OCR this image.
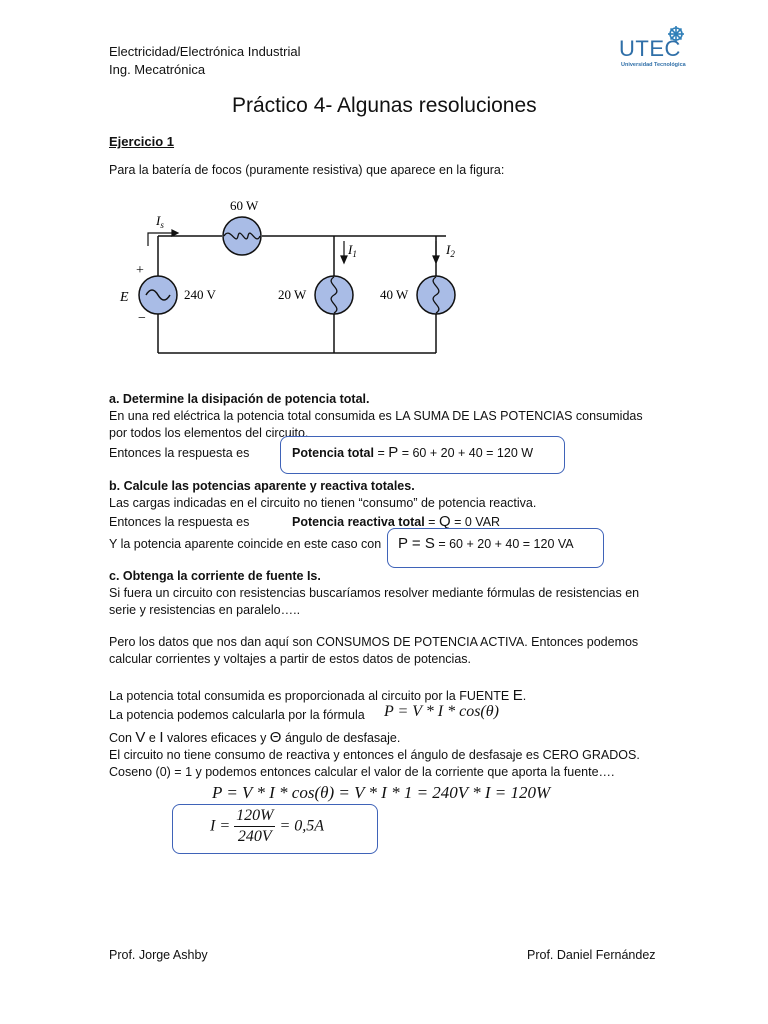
Electricidad/Electrónica Industrial
Ing. Mecatrónica
UTEC
Universidad Tecnológica
Práctico 4- Algunas resoluciones
Ejercicio 1
Para la batería de focos (puramente resistiva) que aparece en la figura:
60 W
$I_s$
$I_1$	$I_2$
+
E	240 V
−
20 W	40 W
a. Determine la disipación de potencia total.
En una red eléctrica la potencia total consumida es LA SUMA DE LAS POTENCIAS consumidas
por todos los elementos del circuito.
Entonces la respuesta es	Potencia total = P = 60 + 20 + 40 = 120 W
b. Calcule las potencias aparente y reactiva totales.
Las cargas indicadas en el circuito no tienen “consumo” de potencia reactiva.
Entonces la respuesta es	Potencia reactiva total = Q = 0 VAR
Y la potencia aparente coincide en este caso con P = S = 60 + 20 + 40 = 120 VA
c. Obtenga la corriente de fuente Is.
Si fuera un circuito con resistencias buscaríamos resolver mediante fórmulas de resistencias en
serie y resistencias en paralelo…..
Pero los datos que nos dan aquí son CONSUMOS DE POTENCIA ACTIVA. Entonces podemos
calcular corrientes y voltajes a partir de estos datos de potencias.
La potencia total consumida es proporcionada al circuito por la FUENTE E.
La potencia podemos calcularla por la fórmula P = V * I * cos(θ)
Con V e I valores eficaces y Θ ángulo de desfasaje.
El circuito no tiene consumo de reactiva y entonces el ángulo de desfasaje es CERO GRADOS.
Coseno (0) = 1 y podemos entonces calcular el valor de la corriente que aporta la fuente….
P = V * I * cos(θ) = V * I * 1 = 240V * I = 120W
$I = \frac{120W}{240V} = 0,5A$
Prof. Jorge Ashby	Prof. Daniel Fernández
